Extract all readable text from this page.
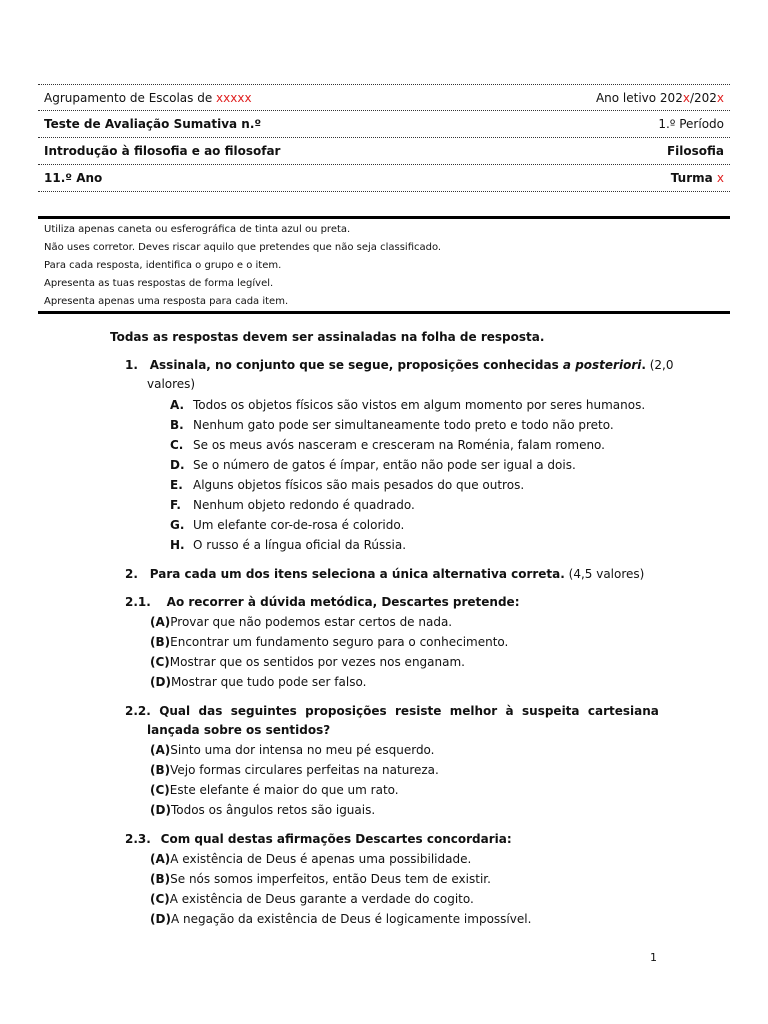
Agrupamento de Escolas de xxxxx	Ano letivo 202x/202x
Teste de Avaliação Sumativa n.º	1.º Período
Introdução à filosofia e ao filosofar	Filosofia
11.º Ano	Turma x
Utiliza apenas caneta ou esferográfica de tinta azul ou preta.
Não uses corretor. Deves riscar aquilo que pretendes que não seja classificado.
Para cada resposta, identifica o grupo e o item.
Apresenta as tuas respostas de forma legível.
Apresenta apenas uma resposta para cada item.
Todas as respostas devem ser assinaladas na folha de resposta.
1. Assinala, no conjunto que se segue, proposições conhecidas a posteriori. (2,0
valores)
A. Todos os objetos físicos são vistos em algum momento por seres humanos.
B. Nenhum gato pode ser simultaneamente todo preto e todo não preto.
C. Se os meus avós nasceram e cresceram na Roménia, falam romeno.
D. Se o número de gatos é ímpar, então não pode ser igual a dois.
E. Alguns objetos físicos são mais pesados do que outros.
F. Nenhum objeto redondo é quadrado.
G. Um elefante cor-de-rosa é colorido.
H. O russo é a língua oficial da Rússia.
2. Para cada um dos itens seleciona a única alternativa correta. (4,5 valores)
2.1. Ao recorrer à dúvida metódica, Descartes pretende:
(A)Provar que não podemos estar certos de nada.
(B)Encontrar um fundamento seguro para o conhecimento.
(C)Mostrar que os sentidos por vezes nos enganam.
(D)Mostrar que tudo pode ser falso.
2.2. Qual das seguintes proposições resiste melhor à suspeita cartesiana
lançada sobre os sentidos?
(A)Sinto uma dor intensa no meu pé esquerdo.
(B)Vejo formas circulares perfeitas na natureza.
(C)Este elefante é maior do que um rato.
(D)Todos os ângulos retos são iguais.
2.3. Com qual destas afirmações Descartes concordaria:
(A)A existência de Deus é apenas uma possibilidade.
(B)Se nós somos imperfeitos, então Deus tem de existir.
(C)A existência de Deus garante a verdade do cogito.
(D)A negação da existência de Deus é logicamente impossível.
1
